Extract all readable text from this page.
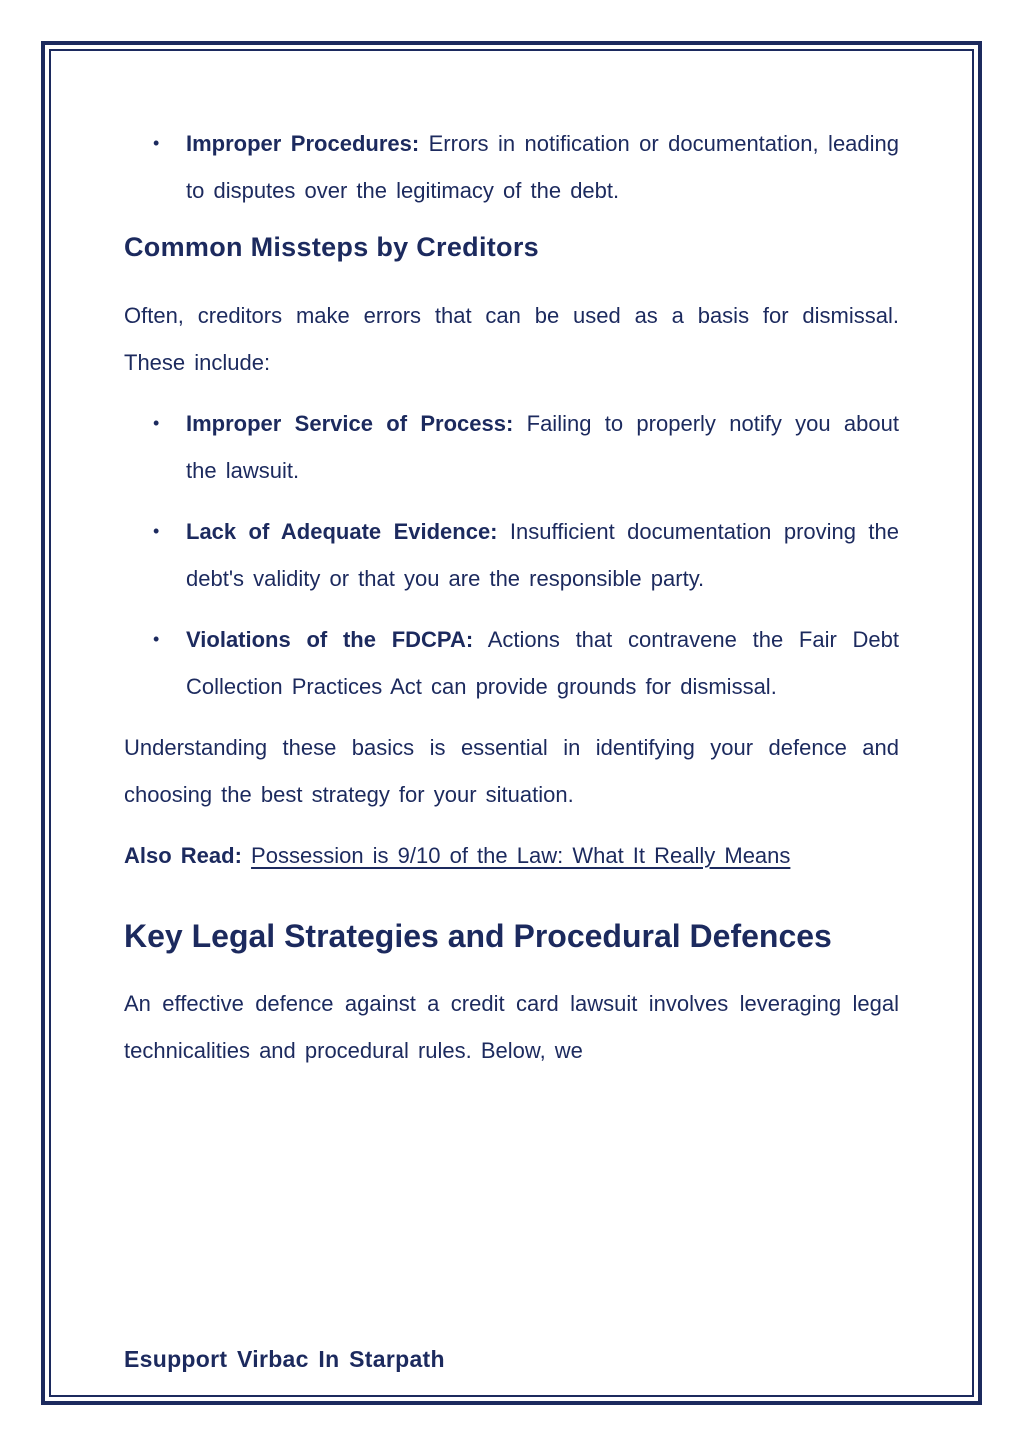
• Improper Procedures: Errors in notification or documentation, leading to disputes over the legitimacy of the debt.
Common Missteps by Creditors

Often, creditors make errors that can be used as a basis for dismissal. These include:

• Improper Service of Process: Failing to properly notify you about the lawsuit.
• Lack of Adequate Evidence: Insufficient documentation proving the debt's validity or that you are the responsible party.
• Violations of the FDCPA: Actions that contravene the Fair Debt Collection Practices Act can provide grounds for dismissal.

Understanding these basics is essential in identifying your defence and choosing the best strategy for your situation.

Also Read: Possession is 9/10 of the Law: What It Really Means

Key Legal Strategies and Procedural Defences

An effective defence against a credit card lawsuit involves leveraging legal technicalities and procedural rules. Below, we

Esupport Virbac In Starpath
